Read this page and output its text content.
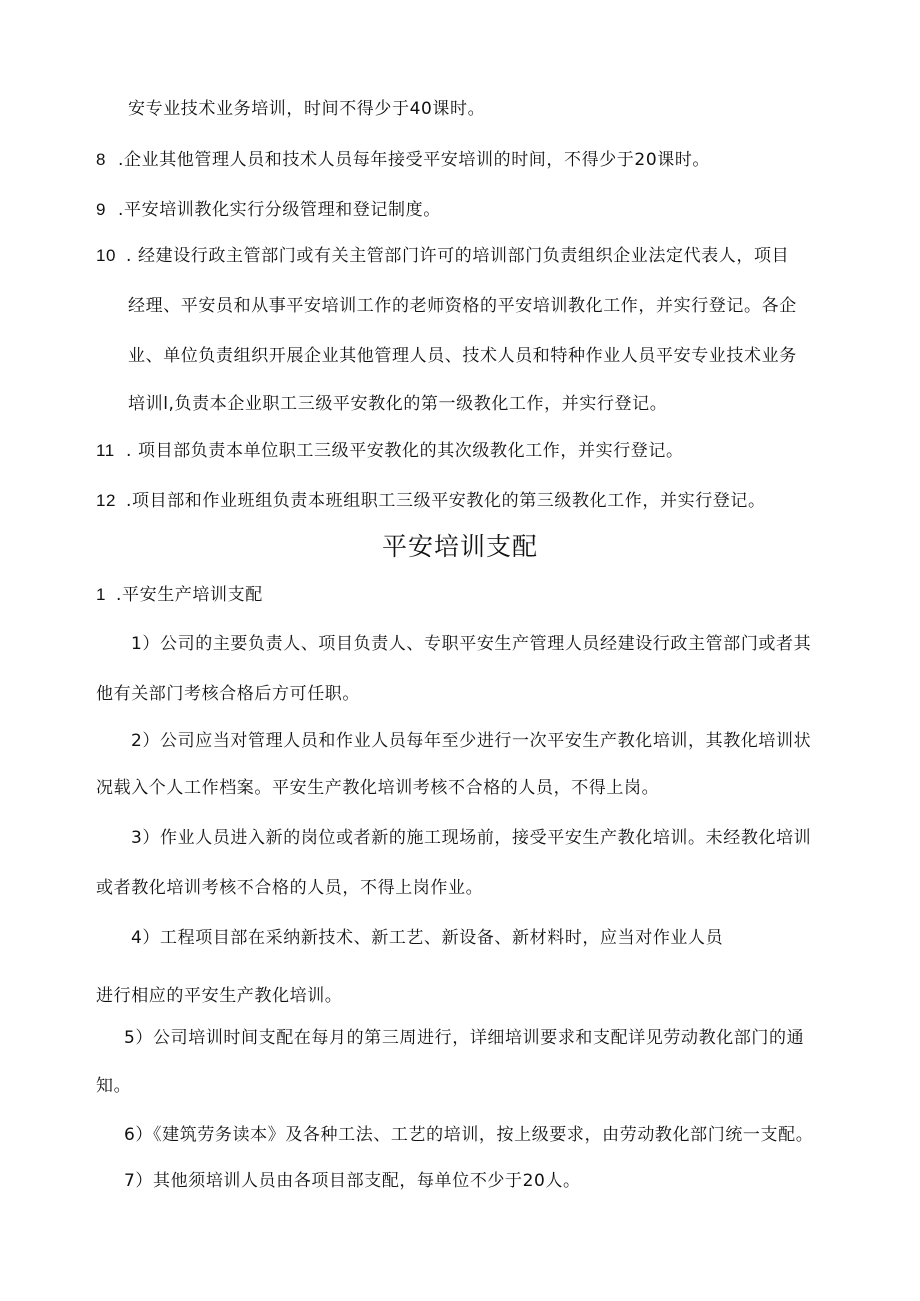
安专业技术业务培训，时间不得少于40课时。
8 .企业其他管理人员和技术人员每年接受平安培训的时间，不得少于20课时。
9 .平安培训教化实行分级管理和登记制度。
10 . 经建设行政主管部门或有关主管部门许可的培训部门负责组织企业法定代表人，项目
经理、平安员和从事平安培训工作的老师资格的平安培训教化工作，并实行登记。各企
业、单位负责组织开展企业其他管理人员、技术人员和特种作业人员平安专业技术业务
培训l,负责本企业职工三级平安教化的第一级教化工作，并实行登记。
11 . 项目部负责本单位职工三级平安教化的其次级教化工作，并实行登记。
12 .项目部和作业班组负责本班组职工三级平安教化的第三级教化工作，并实行登记。
平安培训支配
1 .平安生产培训支配
1）公司的主要负责人、项目负责人、专职平安生产管理人员经建设行政主管部门或者其
他有关部门考核合格后方可任职。
2）公司应当对管理人员和作业人员每年至少进行一次平安生产教化培训，其教化培训状
况载入个人工作档案。平安生产教化培训考核不合格的人员，不得上岗。
3）作业人员进入新的岗位或者新的施工现场前，接受平安生产教化培训。未经教化培训
或者教化培训考核不合格的人员，不得上岗作业。
4）工程项目部在采纳新技术、新工艺、新设备、新材料时，应当对作业人员
进行相应的平安生产教化培训。
5）公司培训时间支配在每月的第三周进行，详细培训要求和支配详见劳动教化部门的通
知。
6）《建筑劳务读本》及各种工法、工艺的培训，按上级要求，由劳动教化部门统一支配。
7）其他须培训人员由各项目部支配，每单位不少于20人。
